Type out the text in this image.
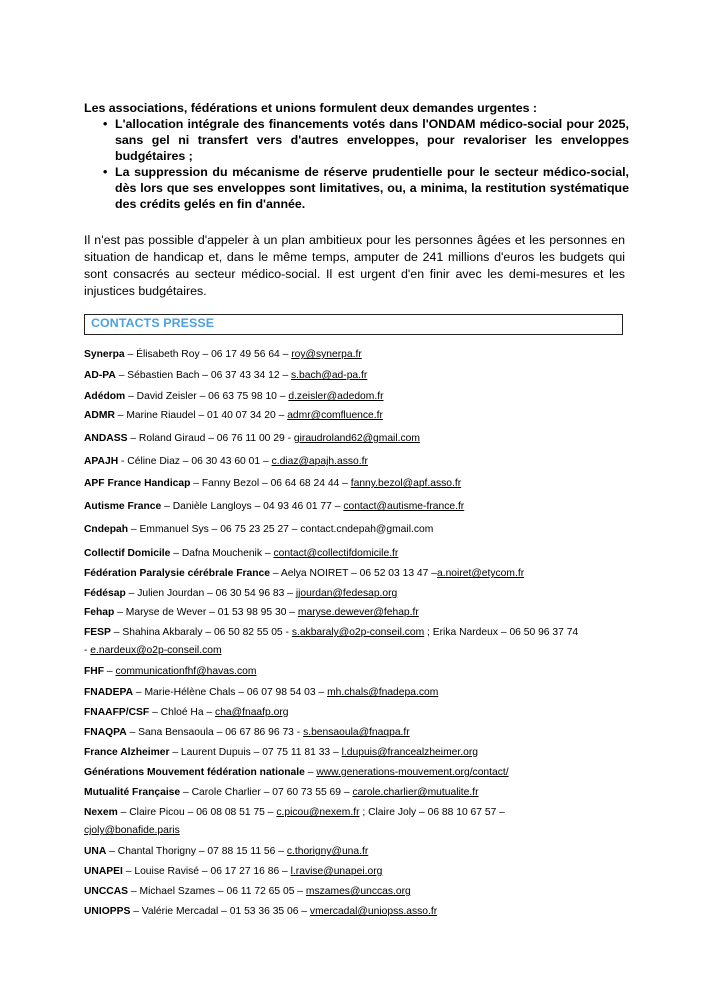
Les associations, fédérations et unions formulent deux demandes urgentes :
• L'allocation intégrale des financements votés dans l'ONDAM médico-social pour 2025, sans gel ni transfert vers d'autres enveloppes, pour revaloriser les enveloppes budgétaires ;
• La suppression du mécanisme de réserve prudentielle pour le secteur médico-social, dès lors que ses enveloppes sont limitatives, ou, a minima, la restitution systématique des crédits gelés en fin d'année.
Il n'est pas possible d'appeler à un plan ambitieux pour les personnes âgées et les personnes en situation de handicap et, dans le même temps, amputer de 241 millions d'euros les budgets qui sont consacrés au secteur médico-social. Il est urgent d'en finir avec les demi-mesures et les injustices budgétaires.
CONTACTS PRESSE
Synerpa – Élisabeth Roy – 06 17 49 56 64 – roy@synerpa.fr
AD-PA – Sébastien Bach – 06 37 43 34 12 – s.bach@ad-pa.fr
Adédom – David Zeisler – 06 63 75 98 10 – d.zeisler@adedom.fr
ADMR – Marine Riaudel – 01 40 07 34 20 – admr@comfluence.fr
ANDASS – Roland Giraud – 06 76 11 00 29 - giraudroland62@gmail.com
APAJH - Céline Diaz – 06 30 43 60 01 – c.diaz@apajh.asso.fr
APF France Handicap – Fanny Bezol – 06 64 68 24 44 – fanny.bezol@apf.asso.fr
Autisme France – Danièle Langloys – 04 93 46 01 77 – contact@autisme-france.fr
Cndepah – Emmanuel Sys – 06 75 23 25 27 – contact.cndepah@gmail.com
Collectif Domicile – Dafna Mouchenik – contact@collectifdomicile.fr
Fédération Paralysie cérébrale France – Aelya NOIRET – 06 52 03 13 47 –a.noiret@etycom.fr
Fédésap – Julien Jourdan – 06 30 54 96 83 – jjourdan@fedesap.org
Fehap – Maryse de Wever – 01 53 98 95 30 – maryse.dewever@fehap.fr
FESP – Shahina Akbaraly – 06 50 82 55 05 - s.akbaraly@o2p-conseil.com ; Erika Nardeux – 06 50 96 37 74
- e.nardeux@o2p-conseil.com
FHF – communicationfhf@havas.com
FNADEPA – Marie-Hélène Chals – 06 07 98 54 03 – mh.chals@fnadepa.com
FNAAFP/CSF – Chloé Ha – cha@fnaafp.org
FNAQPA – Sana Bensaoula – 06 67 86 96 73 - s.bensaoula@fnaqpa.fr
France Alzheimer – Laurent Dupuis – 07 75 11 81 33 – l.dupuis@francealzheimer.org
Générations Mouvement fédération nationale – www.generations-mouvement.org/contact/
Mutualité Française – Carole Charlier – 07 60 73 55 69 – carole.charlier@mutualite.fr
Nexem – Claire Picou – 06 08 08 51 75 – c.picou@nexem.fr ; Claire Joly – 06 88 10 67 57 –
cjoly@bonafide.paris
UNA – Chantal Thorigny – 07 88 15 11 56 – c.thorigny@una.fr
UNAPEI – Louise Ravisé – 06 17 27 16 86 – l.ravise@unapei.org
UNCCAS – Michael Szames – 06 11 72 65 05 – mszames@unccas.org
UNIOPPS – Valérie Mercadal – 01 53 36 35 06 – vmercadal@uniopss.asso.fr
